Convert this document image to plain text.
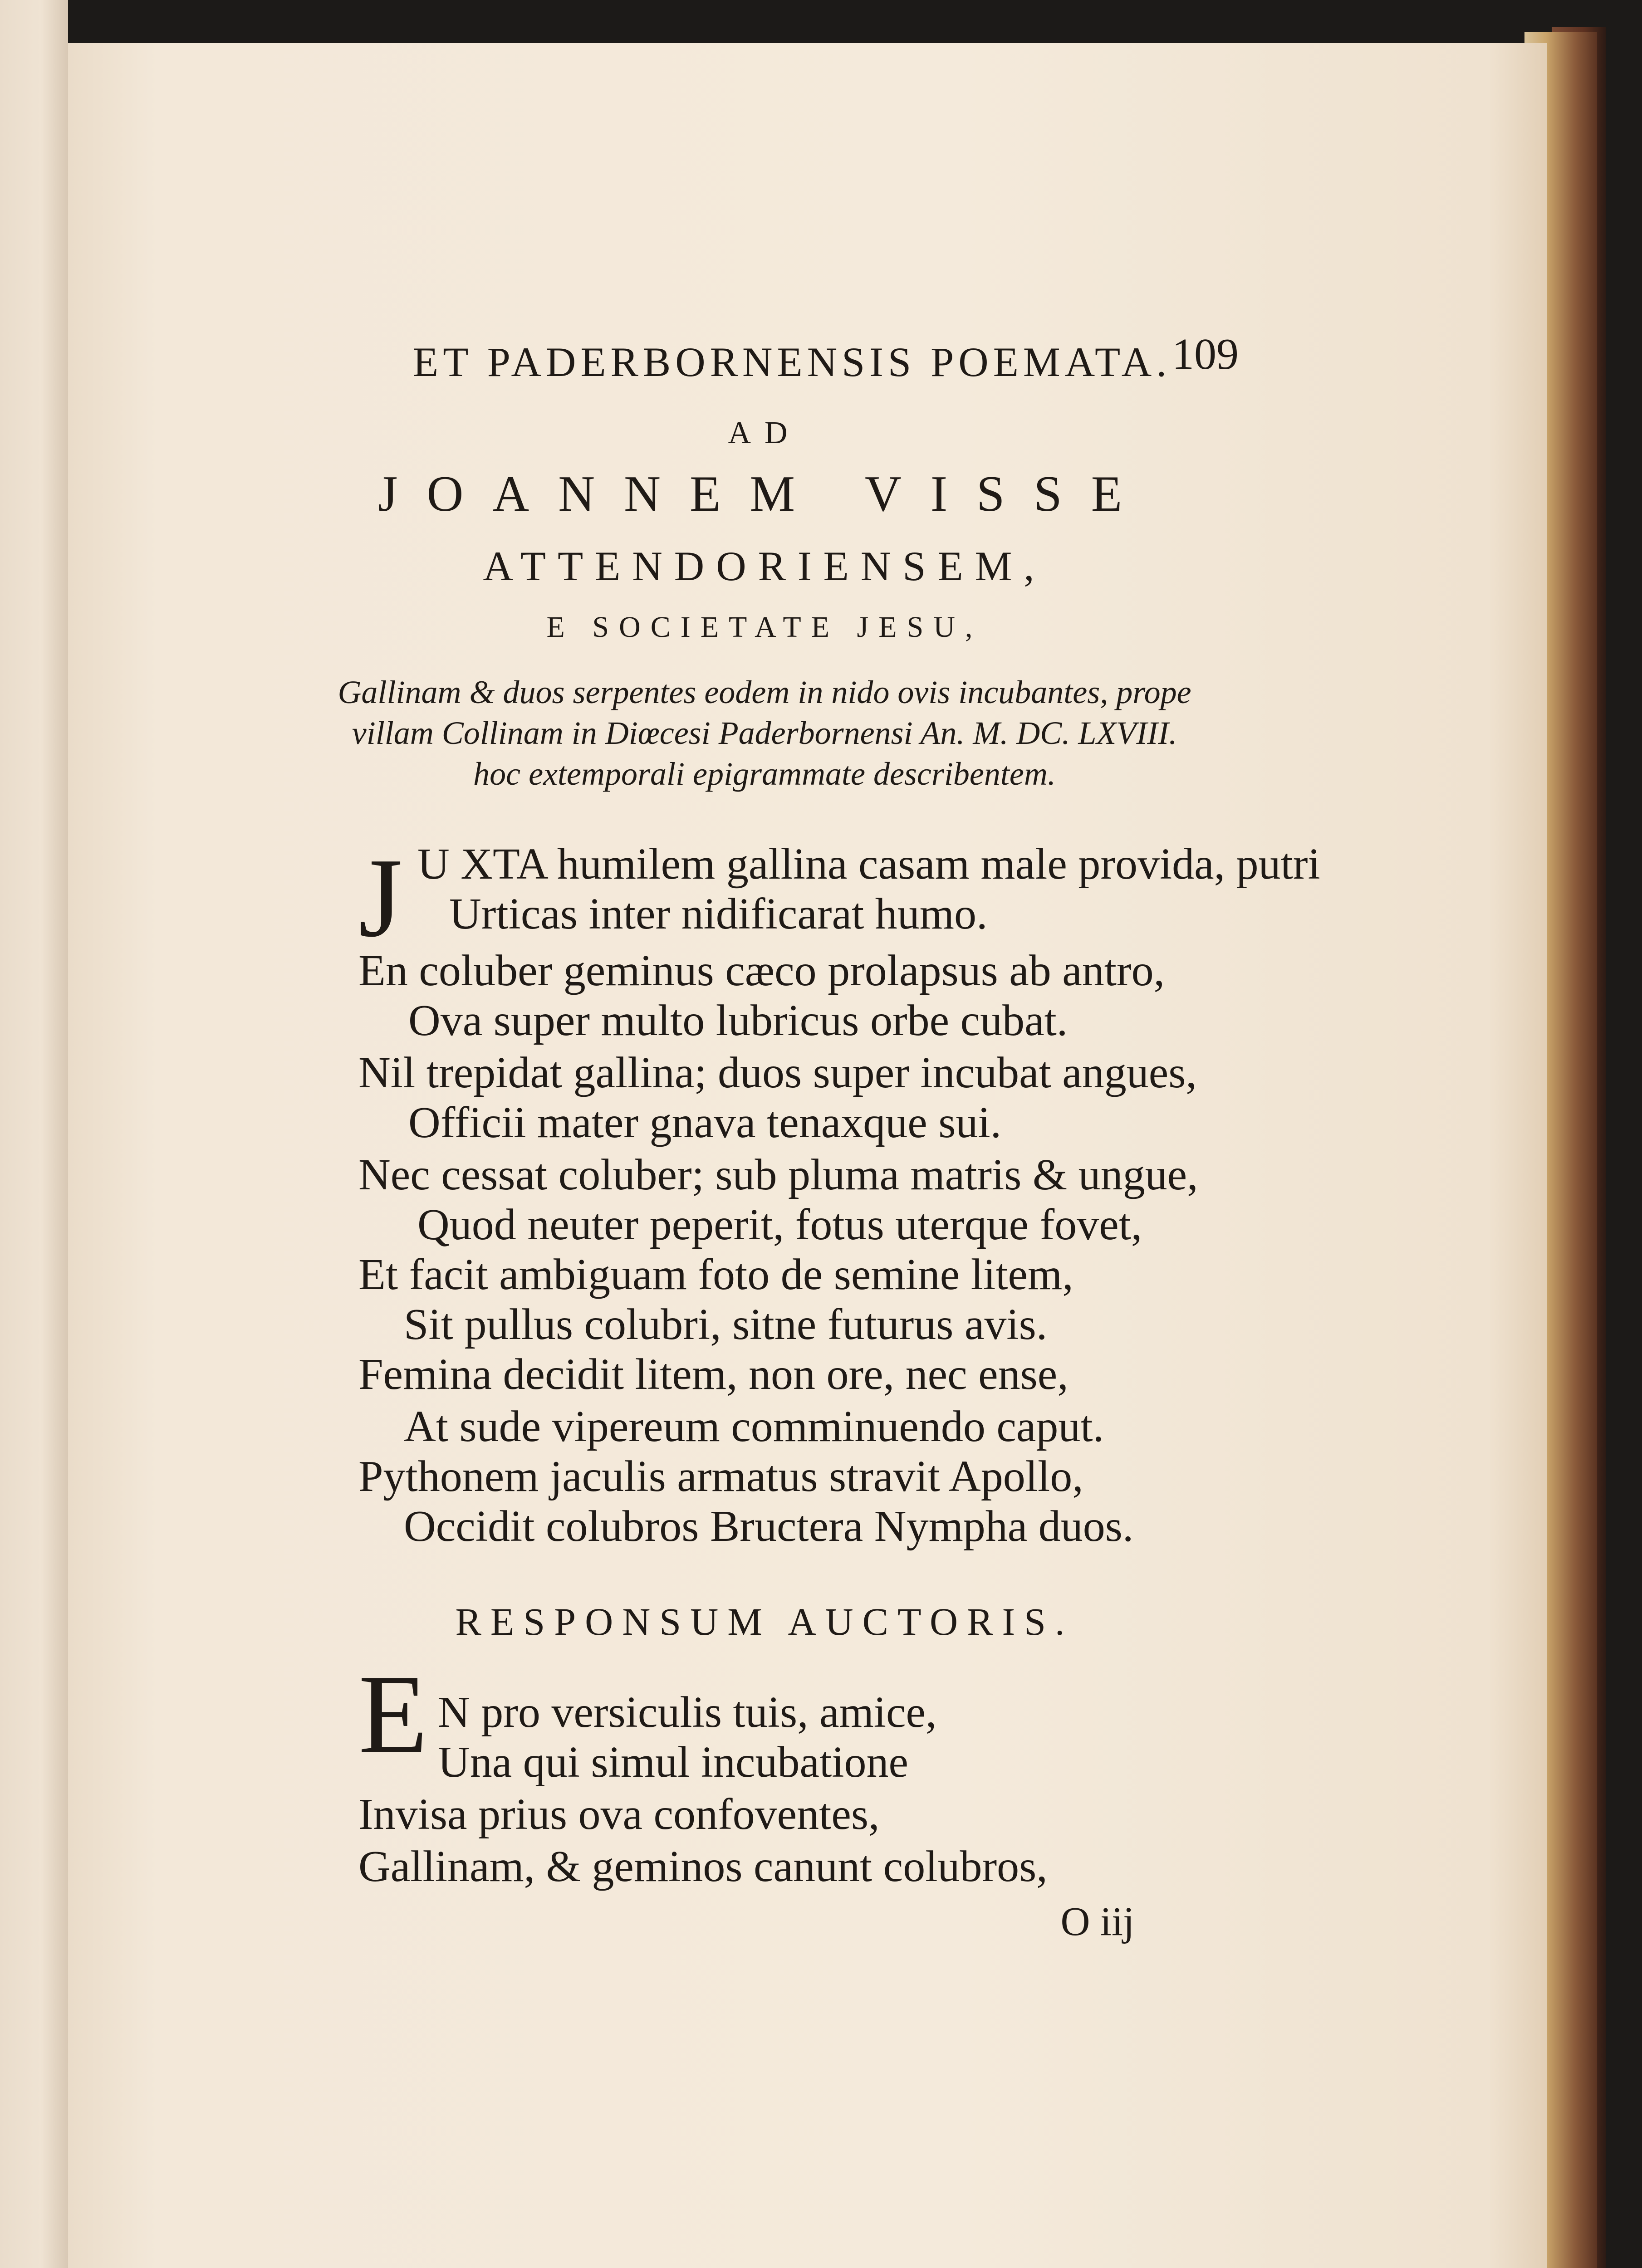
ET PADERBORNENSIS POEMATA. 109
AD
JOANNEM VISSE
ATTENDORIENSEM,
E SOCIETATE JESU,
Gallinam & duos serpentes eodem in nido ovis incubantes, prope
villam Collinam in Diœcesi Paderbornensi An. M. DC. LXVIII.
hoc extemporali epigrammate describentem.
J U XTA humilem gallina casam male provida, putri
Urticas inter nidificarat humo.
En coluber geminus cæco prolapsus ab antro,
Ova super multo lubricus orbe cubat.
Nil trepidat gallina; duos super incubat angues,
Officii mater gnava tenaxque sui.
Nec cessat coluber; sub pluma matris & ungue,
Quod neuter peperit, fotus uterque fovet,
Et facit ambiguam foto de semine litem,
Sit pullus colubri, sitne futurus avis.
Femina decidit litem, non ore, nec ense,
At sude vipereum comminuendo caput.
Pythonem jaculis armatus stravit Apollo,
Occidit colubros Bructera Nympha duos.
RESPONSUM AUCTORIS.
E N pro versiculis tuis, amice,
Una qui simul incubatione
Invisa prius ova confoventes,
Gallinam, & geminos canunt colubros,
O iij
